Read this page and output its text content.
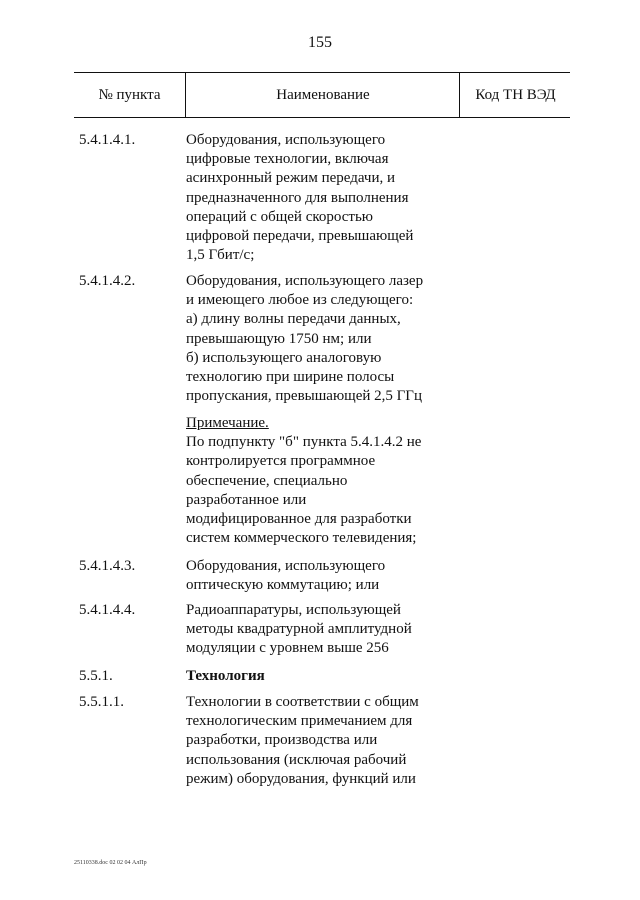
155
№ пункта	Наименование	Код ТН ВЭД
5.4.1.4.1.	Оборудования, использующего
цифровые технологии, включая
асинхронный режим передачи, и
предназначенного для выполнения
операций с общей скоростью
цифровой передачи, превышающей
1,5 Гбит/с;
5.4.1.4.2.	Оборудования, использующего лазер
и имеющего любое из следующего:
а) длину волны передачи данных,
превышающую 1750 нм; или
б) использующего аналоговую
технологию при ширине полосы
пропускания, превышающей 2,5 ГГц
Примечание.
По подпункту "б" пункта 5.4.1.4.2 не
контролируется программное
обеспечение, специально
разработанное или
модифицированное для разработки
систем коммерческого телевидения;
5.4.1.4.3.	Оборудования, использующего
оптическую коммутацию; или
5.4.1.4.4.	Радиоаппаратуры, использующей
методы квадратурной амплитудной
модуляции с уровнем выше 256
5.5.1.	Технология
5.5.1.1.	Технологии в соответствии с общим
технологическим примечанием для
разработки, производства или
использования (исключая рабочий
режим) оборудования, функций или
25110338.doc 02 02 04 АлПр
